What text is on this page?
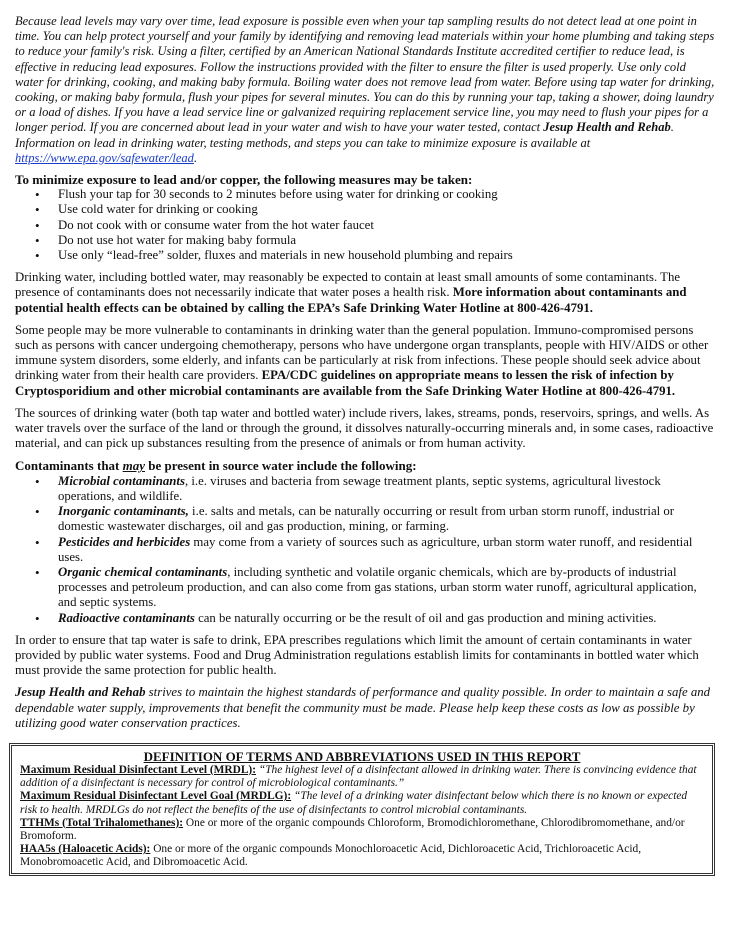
Because lead levels may vary over time, lead exposure is possible even when your tap sampling results do not detect lead at one point in time. You can help protect yourself and your family by identifying and removing lead materials within your home plumbing and taking steps to reduce your family's risk. Using a filter, certified by an American National Standards Institute accredited certifier to reduce lead, is effective in reducing lead exposures. Follow the instructions provided with the filter to ensure the filter is used properly. Use only cold water for drinking, cooking, and making baby formula. Boiling water does not remove lead from water. Before using tap water for drinking, cooking, or making baby formula, flush your pipes for several minutes. You can do this by running your tap, taking a shower, doing laundry or a load of dishes. If you have a lead service line or galvanized requiring replacement service line, you may need to flush your pipes for a longer period. If you are concerned about lead in your water and wish to have your water tested, contact Jesup Health and Rehab. Information on lead in drinking water, testing methods, and steps you can take to minimize exposure is available at https://www.epa.gov/safewater/lead.

To minimize exposure to lead and/or copper, the following measures may be taken:

• Flush your tap for 30 seconds to 2 minutes before using water for drinking or cooking
• Use cold water for drinking or cooking
• Do not cook with or consume water from the hot water faucet
• Do not use hot water for making baby formula
• Use only “lead-free” solder, fluxes and materials in new household plumbing and repairs

Drinking water, including bottled water, may reasonably be expected to contain at least small amounts of some contaminants. The presence of contaminants does not necessarily indicate that water poses a health risk. More information about contaminants and potential health effects can be obtained by calling the EPA’s Safe Drinking Water Hotline at 800-426-4791.

Some people may be more vulnerable to contaminants in drinking water than the general population. Immuno-compromised persons such as persons with cancer undergoing chemotherapy, persons who have undergone organ transplants, people with HIV/AIDS or other immune system disorders, some elderly, and infants can be particularly at risk from infections. These people should seek advice about drinking water from their health care providers. EPA/CDC guidelines on appropriate means to lessen the risk of infection by Cryptosporidium and other microbial contaminants are available from the Safe Drinking Water Hotline at 800-426-4791.

The sources of drinking water (both tap water and bottled water) include rivers, lakes, streams, ponds, reservoirs, springs, and wells. As water travels over the surface of the land or through the ground, it dissolves naturally-occurring minerals and, in some cases, radioactive material, and can pick up substances resulting from the presence of animals or from human activity.

Contaminants that may be present in source water include the following:

• Microbial contaminants, i.e. viruses and bacteria from sewage treatment plants, septic systems, agricultural livestock operations, and wildlife.
• Inorganic contaminants, i.e. salts and metals, can be naturally occurring or result from urban storm runoff, industrial or domestic wastewater discharges, oil and gas production, mining, or farming.
• Pesticides and herbicides may come from a variety of sources such as agriculture, urban storm water runoff, and residential uses.
• Organic chemical contaminants, including synthetic and volatile organic chemicals, which are by-products of industrial processes and petroleum production, and can also come from gas stations, urban storm water runoff, agricultural application, and septic systems.
• Radioactive contaminants can be naturally occurring or be the result of oil and gas production and mining activities.

In order to ensure that tap water is safe to drink, EPA prescribes regulations which limit the amount of certain contaminants in water provided by public water systems. Food and Drug Administration regulations establish limits for contaminants in bottled water which must provide the same protection for public health.

Jesup Health and Rehab strives to maintain the highest standards of performance and quality possible. In order to maintain a safe and dependable water supply, improvements that benefit the community must be made. Please help keep these costs as low as possible by utilizing good water conservation practices.

DEFINITION OF TERMS AND ABBREVIATIONS USED IN THIS REPORT
Maximum Residual Disinfectant Level (MRDL): “The highest level of a disinfectant allowed in drinking water. There is convincing evidence that addition of a disinfectant is necessary for control of microbiological contaminants.”
Maximum Residual Disinfectant Level Goal (MRDLG): “The level of a drinking water disinfectant below which there is no known or expected risk to health. MRDLGs do not reflect the benefits of the use of disinfectants to control microbial contaminants.
TTHMs (Total Trihalomethanes): One or more of the organic compounds Chloroform, Bromodichloromethane, Chlorodibromomethane, and/or Bromoform.
HAA5s (Haloacetic Acids): One or more of the organic compounds Monochloroacetic Acid, Dichloroacetic Acid, Trichloroacetic Acid, Monobromoacetic Acid, and Dibromoacetic Acid.
